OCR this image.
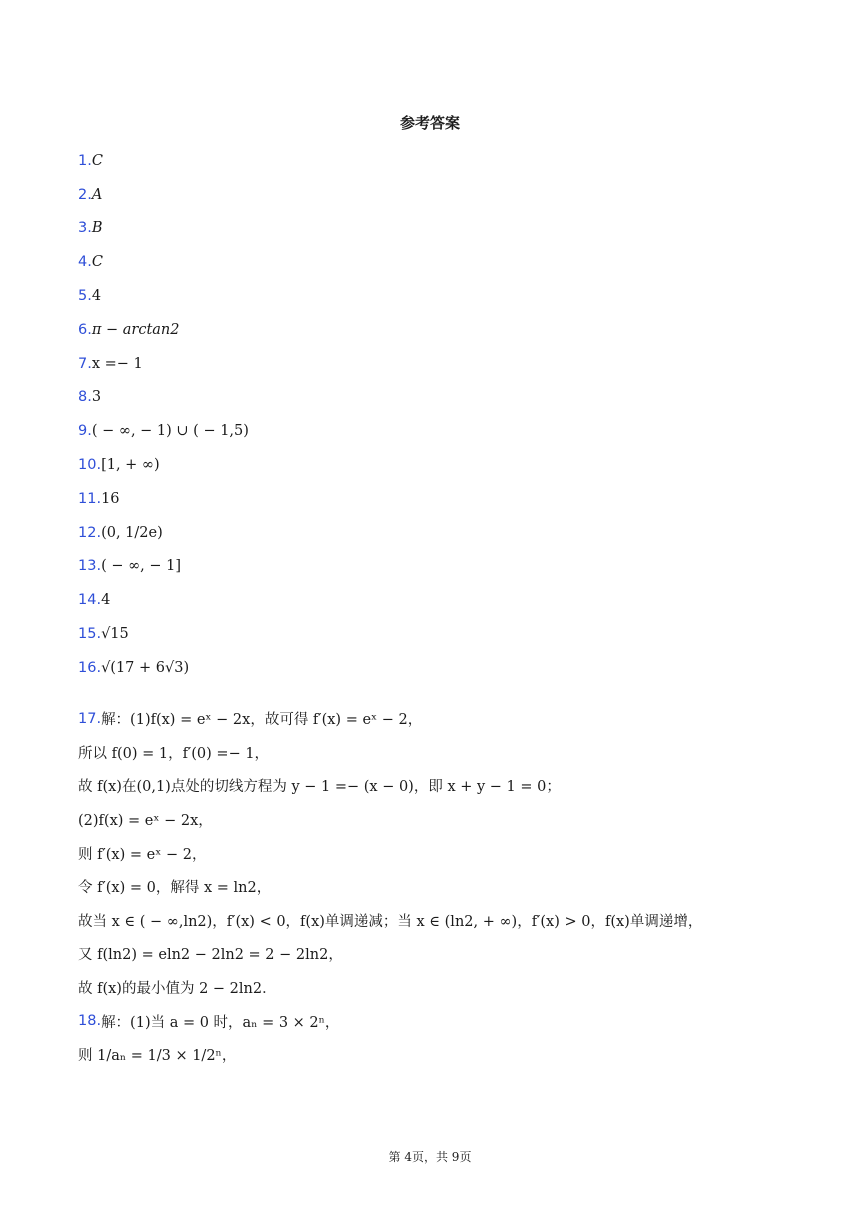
参考答案
1. C
2. A
3. B
4. C
5. 4
6. π − arctan2
7. x =− 1
8. 3
9. ( − ∞, − 1) ∪ ( − 1,5)
10. [1, + ∞)
11. 16
12. (0, 1/2e)
13. ( − ∞, − 1]
14. 4
15. √15
16. √(17 + 6√3)
17. 解：(1)f(x) = eˣ − 2x，故可得 f′(x) = eˣ − 2，
所以 f(0) = 1，f′(0) =− 1，
故 f(x)在(0,1)点处的切线方程为 y − 1 =− (x − 0)，即 x + y − 1 = 0；
(2)f(x) = eˣ − 2x，
则 f′(x) = eˣ − 2，
令 f′(x) = 0，解得 x = ln2，
故当 x ∈ ( − ∞,ln2)，f′(x) < 0，f(x)单调递减；当 x ∈ (ln2, + ∞)，f′(x) > 0，f(x)单调递增，
又 f(ln2) = eln2 − 2ln2 = 2 − 2ln2，
故 f(x)的最小值为 2 − 2ln2．
18. 解：(1)当 a = 0 时，aₙ = 3 × 2ⁿ，
则 1/aₙ = 1/3 × 1/2ⁿ，
第 4页，共 9页
